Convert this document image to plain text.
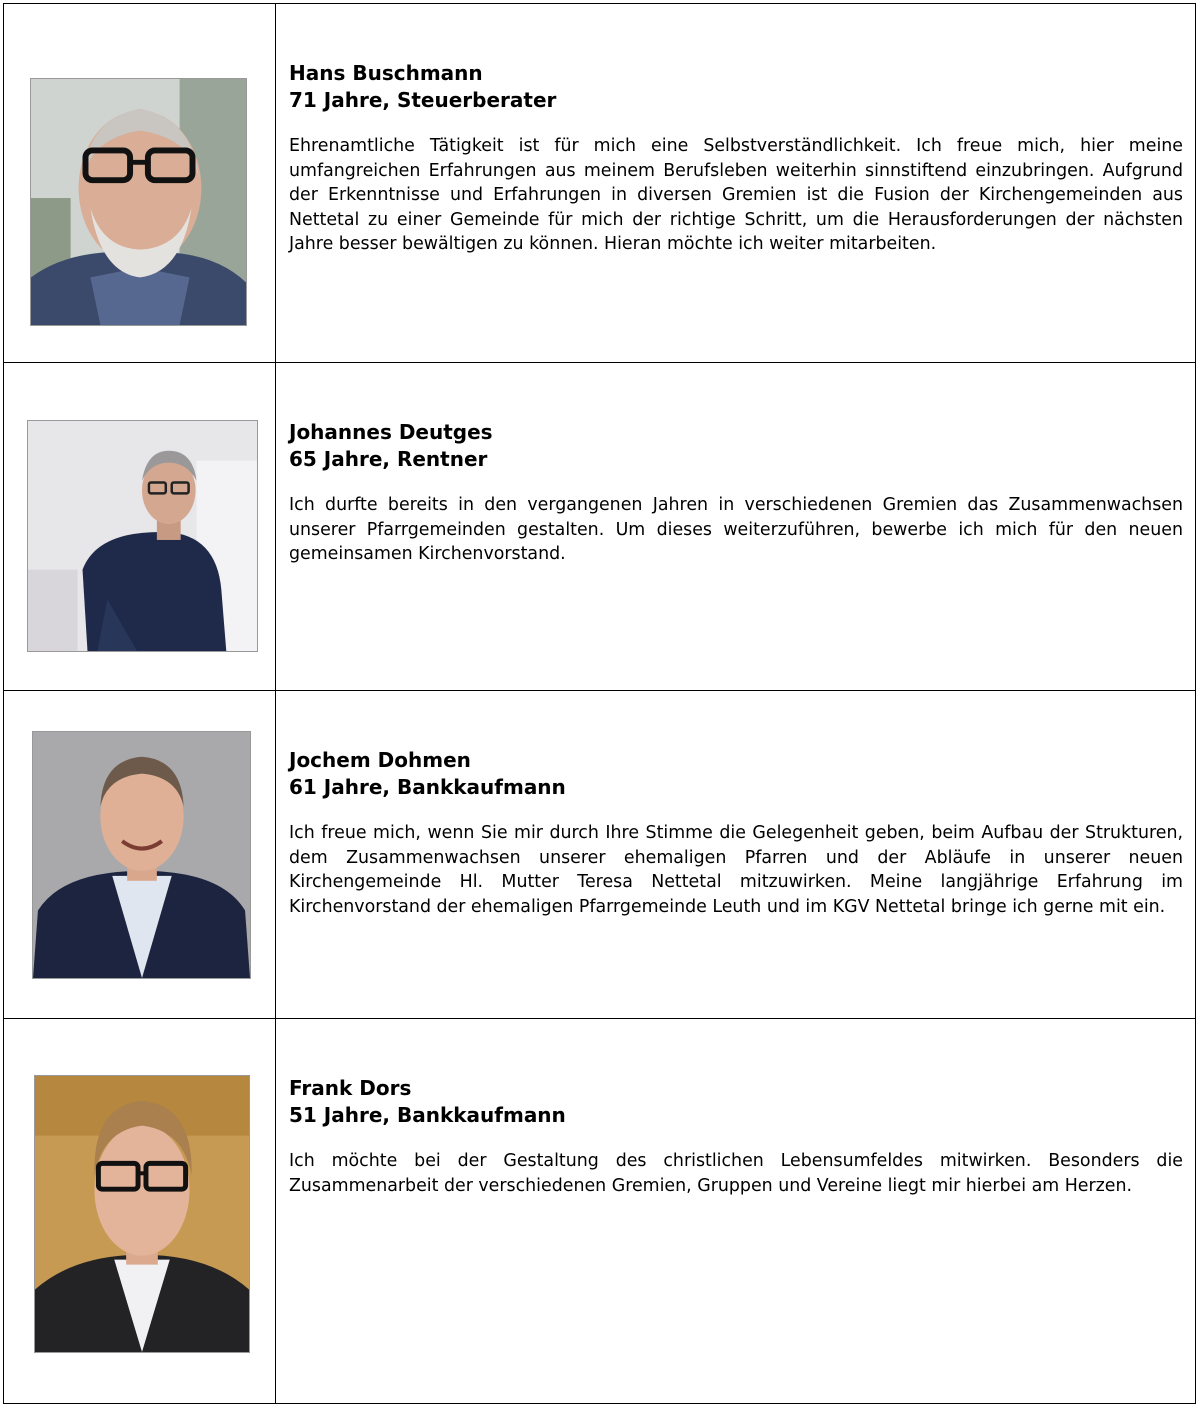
Hans Buschmann

71 Jahre, Steuerberater

Ehrenamtliche Tätigkeit ist für mich eine Selbstverständlichkeit. Ich freue mich, hier meine umfangreichen Erfahrungen aus meinem Berufsleben weiterhin sinnstiftend einzubringen. Aufgrund der Erkenntnisse und Erfahrungen in diversen Gremien ist die Fusion der Kirchengemeinden aus Nettetal zu einer Gemeinde für mich der richtige Schritt, um die Herausforderungen der nächsten Jahre besser bewältigen zu können. Hieran möchte ich weiter mitarbeiten.

Johannes Deutges

65 Jahre, Rentner

Ich durfte bereits in den vergangenen Jahren in verschiedenen Gremien das Zusammenwachsen unserer Pfarrgemeinden gestalten. Um dieses weiterzuführen, bewerbe ich mich für den neuen gemeinsamen Kirchenvorstand.

Jochem Dohmen

61 Jahre, Bankkaufmann

Ich freue mich, wenn Sie mir durch Ihre Stimme die Gelegenheit geben, beim Aufbau der Strukturen, dem Zusammenwachsen unserer ehemaligen Pfarren und der Abläufe in unserer neuen Kirchengemeinde Hl. Mutter Teresa Nettetal mitzuwirken. Meine langjährige Erfahrung im Kirchenvorstand der ehemaligen Pfarrgemeinde Leuth und im KGV Nettetal bringe ich gerne mit ein.

Frank Dors

51 Jahre, Bankkaufmann

Ich möchte bei der Gestaltung des christlichen Lebensumfeldes mitwirken. Besonders die Zusammenarbeit der verschiedenen Gremien, Gruppen und Vereine liegt mir hierbei am Herzen.
